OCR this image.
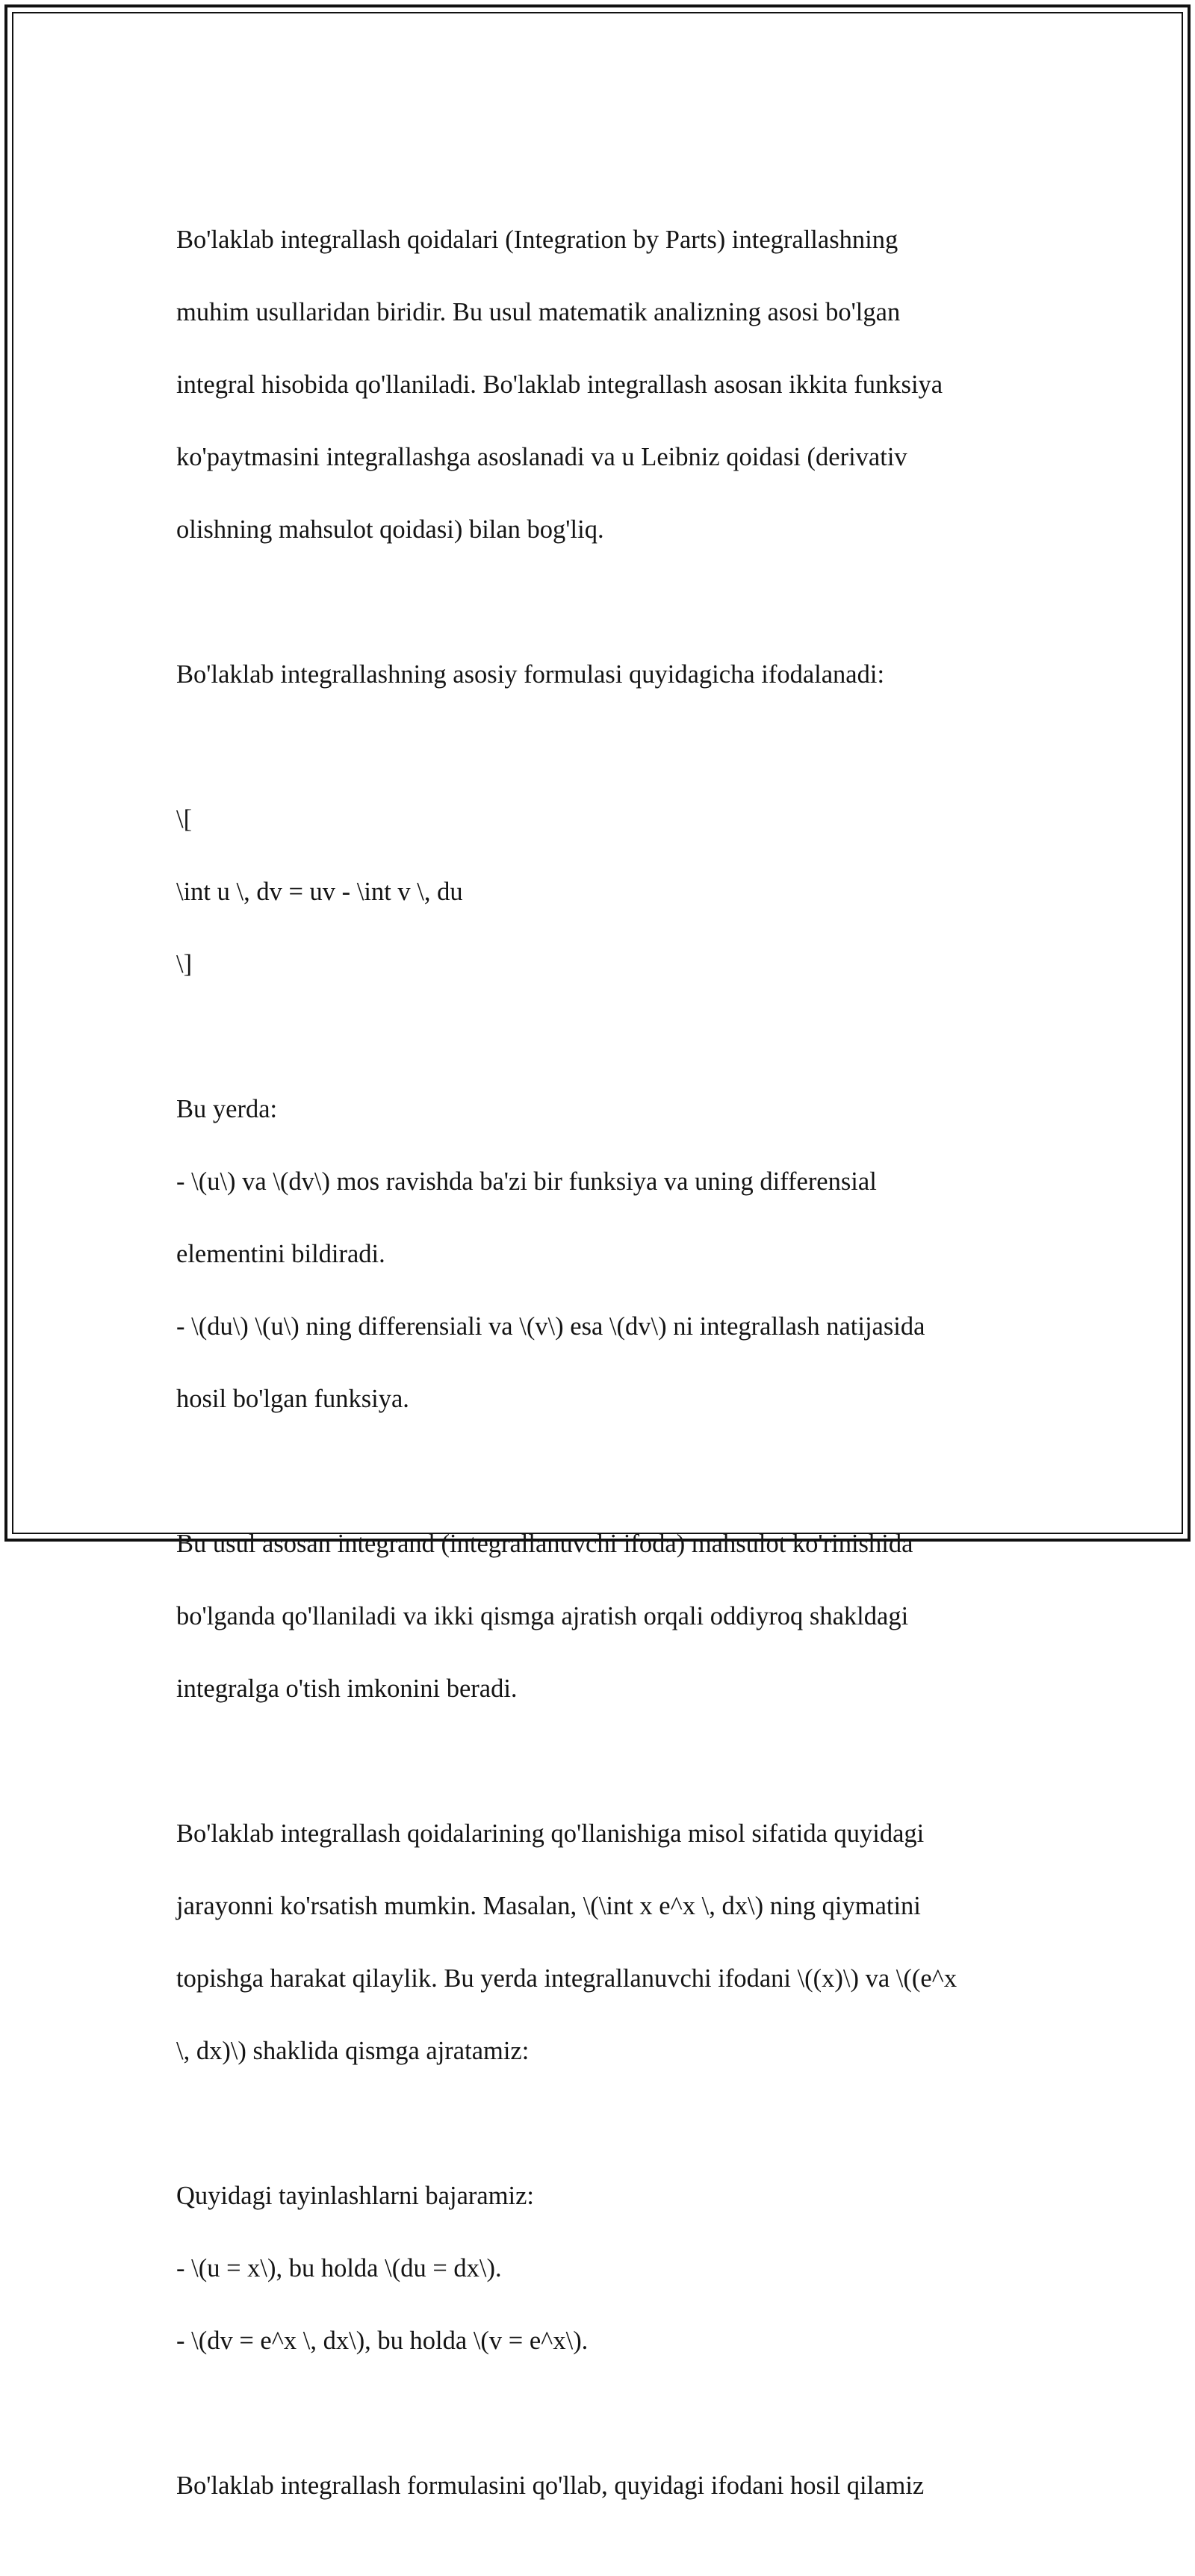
Bo'laklab integrallash qoidalari (Integration by Parts) integrallashning

muhim usullaridan biridir. Bu usul matematik analizning asosi bo'lgan

integral hisobida qo'llaniladi. Bo'laklab integrallash asosan ikkita funksiya

ko'paytmasini integrallashga asoslanadi va u Leibniz qoidasi (derivativ

olishning mahsulot qoidasi) bilan bog'liq.

Bo'laklab integrallashning asosiy formulasi quyidagicha ifodalanadi:

\[

\int u \, dv = uv - \int v \, du

\]

Bu yerda:

- \(u\) va \(dv\) mos ravishda ba'zi bir funksiya va uning differensial

elementini bildiradi.

- \(du\) \(u\) ning differensiali va \(v\) esa \(dv\) ni integrallash natijasida

hosil bo'lgan funksiya.

Bu usul asosan integrand (integrallanuvchi ifoda) mahsulot ko'rinishida

bo'lganda qo'llaniladi va ikki qismga ajratish orqali oddiyroq shakldagi

integralga o'tish imkonini beradi.

Bo'laklab integrallash qoidalarining qo'llanishiga misol sifatida quyidagi

jarayonni ko'rsatish mumkin. Masalan, \(\int x e^x \, dx\) ning qiymatini

topishga harakat qilaylik. Bu yerda integrallanuvchi ifodani \((x)\) va \((e^x

\, dx)\) shaklida qismga ajratamiz:

Quyidagi tayinlashlarni bajaramiz:

- \(u = x\), bu holda \(du = dx\).

- \(dv = e^x \, dx\), bu holda \(v = e^x\).

Bo'laklab integrallash formulasini qo'llab, quyidagi ifodani hosil qilamiz
